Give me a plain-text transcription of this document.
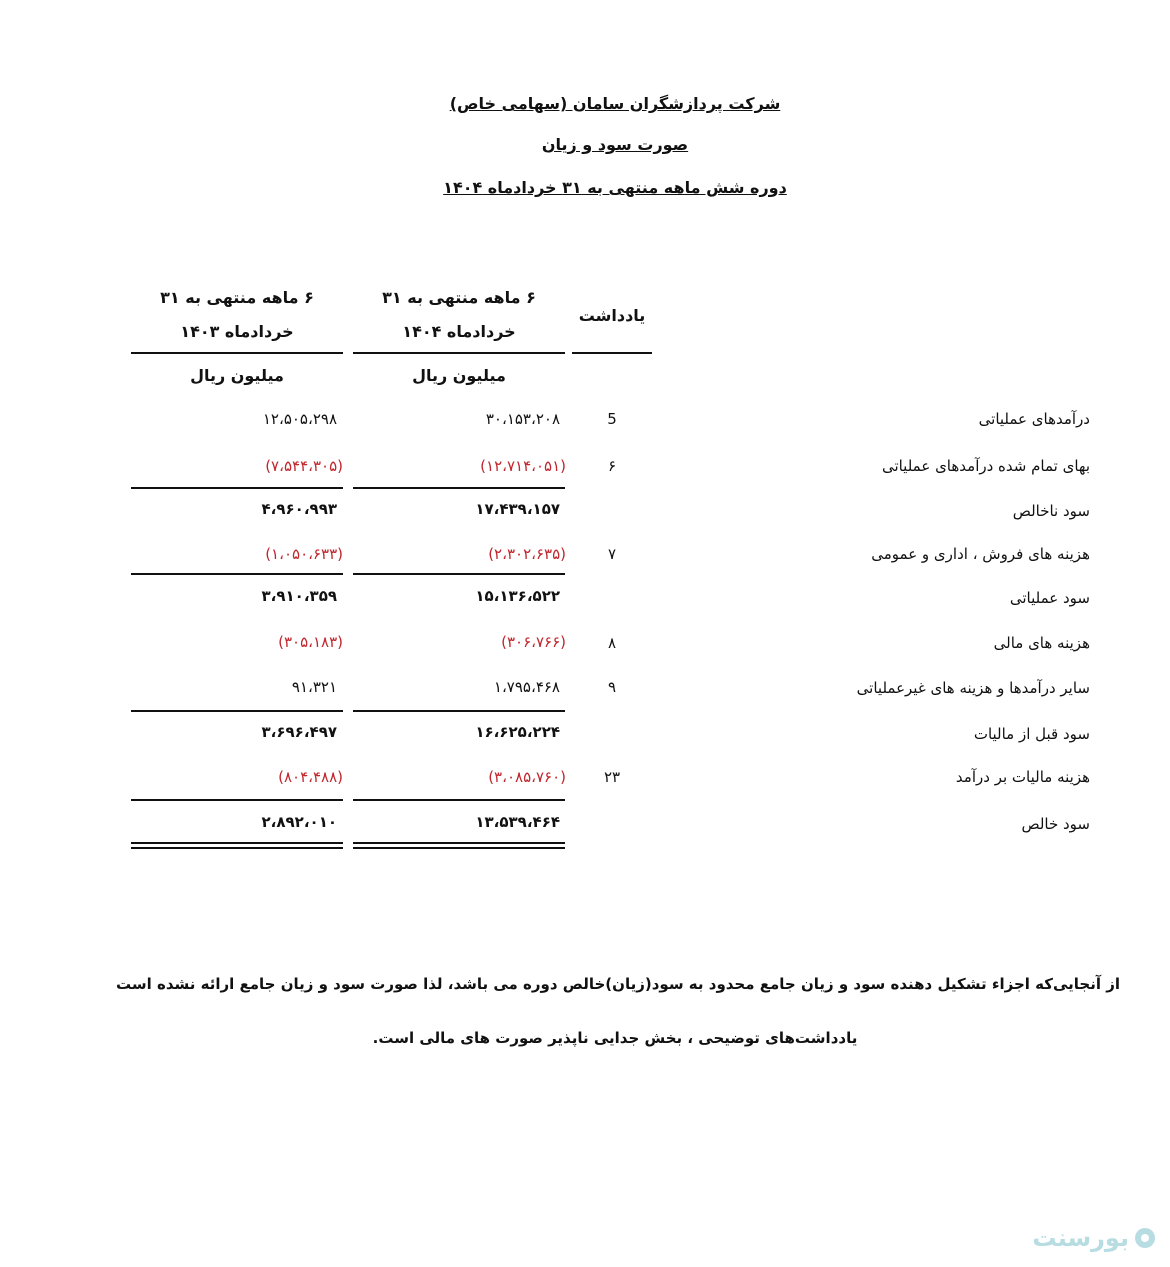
شرکت پردازشگران سامان (سهامی خاص)
صورت سود و زیان
دوره شش ماهه منتهی به ۳۱ خردادماه ۱۴۰۴
یادداشت
۶ ماهه منتهی به ۳۱
خردادماه ۱۴۰۴
۶ ماهه منتهی به ۳۱
خردادماه ۱۴۰۳
میلیون ریال
میلیون ریال
درآمدهای عملیاتی
5
۳۰،۱۵۳،۲۰۸
۱۲،۵۰۵،۲۹۸
بهای تمام شده درآمدهای عملیاتی
۶
(۱۲،۷۱۴،۰۵۱)
(۷،۵۴۴،۳۰۵)
سود ناخالص
۱۷،۴۳۹،۱۵۷
۴،۹۶۰،۹۹۳
هزینه های فروش ، اداری و عمومی
۷
(۲،۳۰۲،۶۳۵)
(۱،۰۵۰،۶۳۳)
سود عملیاتی
۱۵،۱۳۶،۵۲۲
۳،۹۱۰،۳۵۹
هزینه های مالی
۸
(۳۰۶،۷۶۶)
(۳۰۵،۱۸۳)
سایر درآمدها و هزینه های غیرعملیاتی
۹
۱،۷۹۵،۴۶۸
۹۱،۳۲۱
سود قبل از مالیات
۱۶،۶۲۵،۲۲۴
۳،۶۹۶،۴۹۷
هزینه مالیات بر درآمد
۲۳
(۳،۰۸۵،۷۶۰)
(۸۰۴،۴۸۸)
سود خالص
۱۳،۵۳۹،۴۶۴
۲،۸۹۲،۰۱۰
از آنجایی‌که اجزاء تشکیل دهنده سود و زیان جامع محدود به سود(زیان)خالص دوره می باشد، لذا صورت سود و زیان جامع ارائه نشده است
یادداشت‌های توضیحی ، بخش جدایی ناپذیر صورت های مالی است.
بورسنت
